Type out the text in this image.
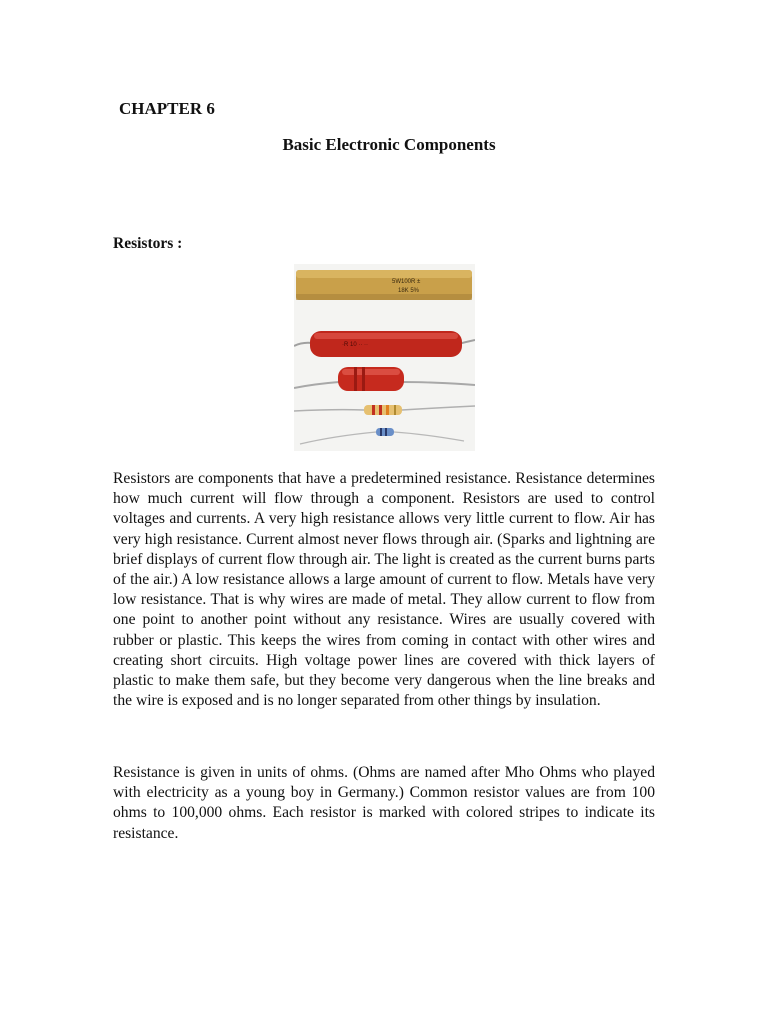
CHAPTER 6
Basic Electronic Components
Resistors :
5W100R ±
18K 5%
·R 10 ·· ··

Resistors are components that have a predetermined resistance. Resistance determines how much current will flow through a component. Resistors are used to control voltages and currents. A very high resistance allows very little current to flow. Air has very high resistance. Current almost never flows through air. (Sparks and lightning are brief displays of current flow through air. The light is created as the current burns parts of the air.) A low resistance allows a large amount of current to flow. Metals have very low resistance. That is why wires are made of metal. They allow current to flow from one point to another point without any resistance. Wires are usually covered with rubber or plastic. This keeps the wires from coming in contact with other wires and creating short circuits. High voltage power lines are covered with thick layers of plastic to make them safe, but they become very dangerous when the line breaks and the wire is exposed and is no longer separated from other things by insulation.

Resistance is given in units of ohms. (Ohms are named after Mho Ohms who played with electricity as a young boy in Germany.) Common resistor values are from 100 ohms to 100,000 ohms. Each resistor is marked with colored stripes to indicate its resistance.
